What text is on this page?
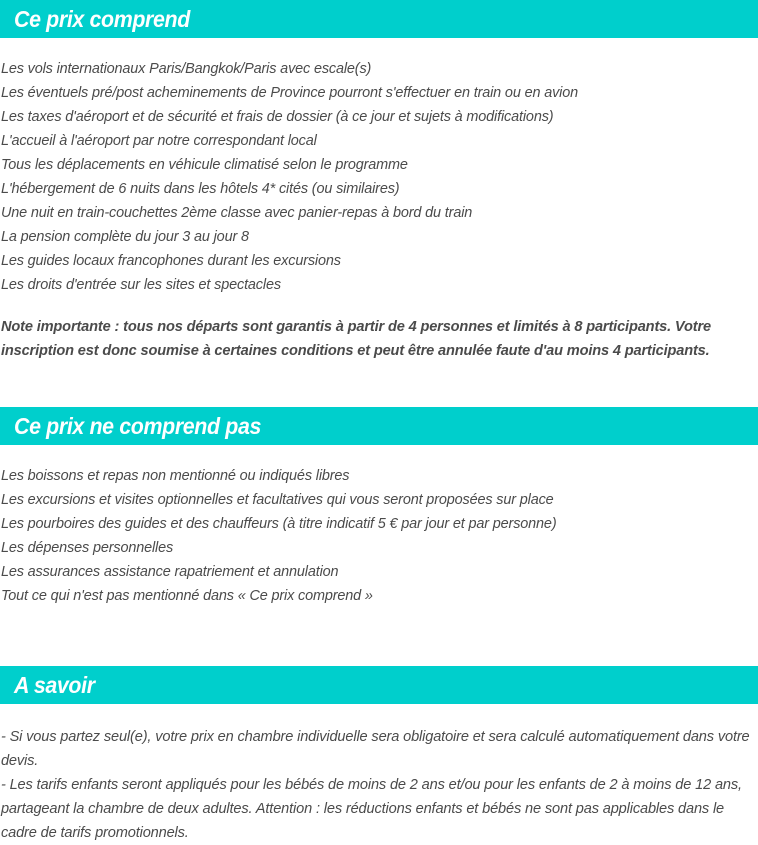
Ce prix comprend
Les vols internationaux Paris/Bangkok/Paris avec escale(s)
Les éventuels pré/post acheminements de Province pourront s'effectuer en train ou en avion
Les taxes d'aéroport et de sécurité et frais de dossier (à ce jour et sujets à modifications)
L'accueil à l'aéroport par notre correspondant local
Tous les déplacements en véhicule climatisé selon le programme
L'hébergement de 6 nuits dans les hôtels 4* cités (ou similaires)
Une nuit en train-couchettes 2ème classe avec panier-repas à bord du train
La pension complète du jour 3 au jour 8
Les guides locaux francophones durant les excursions
Les droits d'entrée sur les sites et spectacles

Note importante : tous nos départs sont garantis à partir de 4 personnes et limités à 8 participants. Votre inscription est donc soumise à certaines conditions et peut être annulée faute d'au moins 4 participants.

Ce prix ne comprend pas
Les boissons et repas non mentionné ou indiqués libres
Les excursions et visites optionnelles et facultatives qui vous seront proposées sur place
Les pourboires des guides et des chauffeurs (à titre indicatif 5 € par jour et par personne)
Les dépenses personnelles
Les assurances assistance rapatriement et annulation
Tout ce qui n'est pas mentionné dans « Ce prix comprend »
A savoir

- Si vous partez seul(e), votre prix en chambre individuelle sera obligatoire et sera calculé automatiquement dans votre devis.

- Les tarifs enfants seront appliqués pour les bébés de moins de 2 ans et/ou pour les enfants de 2 à moins de 12 ans, partageant la chambre de deux adultes. Attention : les réductions enfants et bébés ne sont pas applicables dans le cadre de tarifs promotionnels.
